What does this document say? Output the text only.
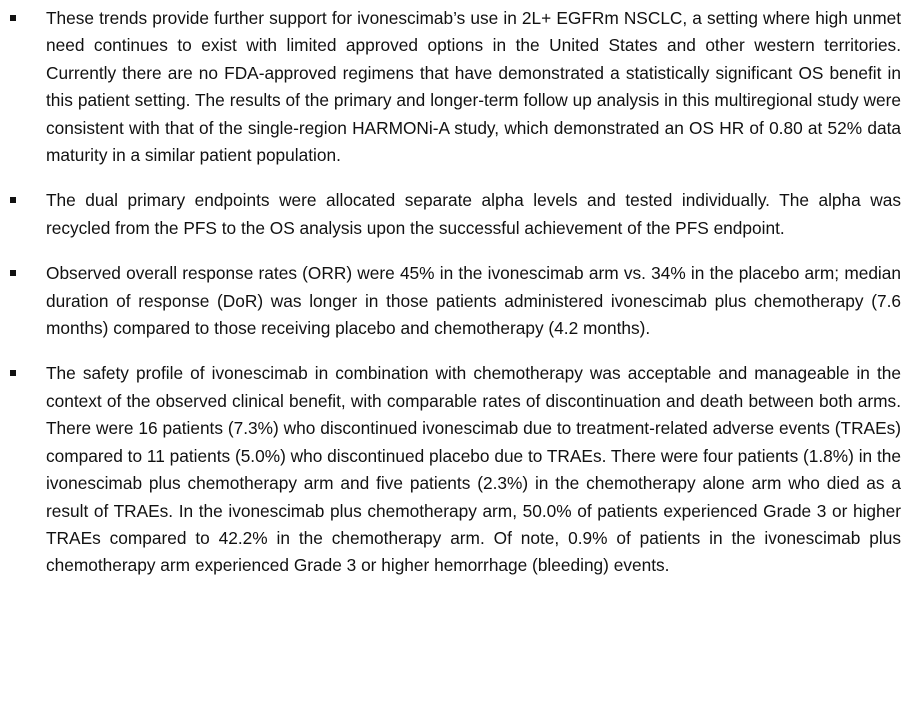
These trends provide further support for ivonescimab’s use in 2L+ EGFRm NSCLC, a setting where high unmet need continues to exist with limited approved options in the United States and other western territories. Currently there are no FDA-approved regimens that have demonstrated a statistically significant OS benefit in this patient setting. The results of the primary and longer-term follow up analysis in this multiregional study were consistent with that of the single-region HARMONi-A study, which demonstrated an OS HR of 0.80 at 52% data maturity in a similar patient population.

The dual primary endpoints were allocated separate alpha levels and tested individually. The alpha was recycled from the PFS to the OS analysis upon the successful achievement of the PFS endpoint.

Observed overall response rates (ORR) were 45% in the ivonescimab arm vs. 34% in the placebo arm; median duration of response (DoR) was longer in those patients administered ivonescimab plus chemotherapy (7.6 months) compared to those receiving placebo and chemotherapy (4.2 months).

The safety profile of ivonescimab in combination with chemotherapy was acceptable and manageable in the context of the observed clinical benefit, with comparable rates of discontinuation and death between both arms. There were 16 patients (7.3%) who discontinued ivonescimab due to treatment-related adverse events (TRAEs) compared to 11 patients (5.0%) who discontinued placebo due to TRAEs. There were four patients (1.8%) in the ivonescimab plus chemotherapy arm and five patients (2.3%) in the chemotherapy alone arm who died as a result of TRAEs. In the ivonescimab plus chemotherapy arm, 50.0% of patients experienced Grade 3 or higher TRAEs compared to 42.2% in the chemotherapy arm. Of note, 0.9% of patients in the ivonescimab plus chemotherapy arm experienced Grade 3 or higher hemorrhage (bleeding) events.
